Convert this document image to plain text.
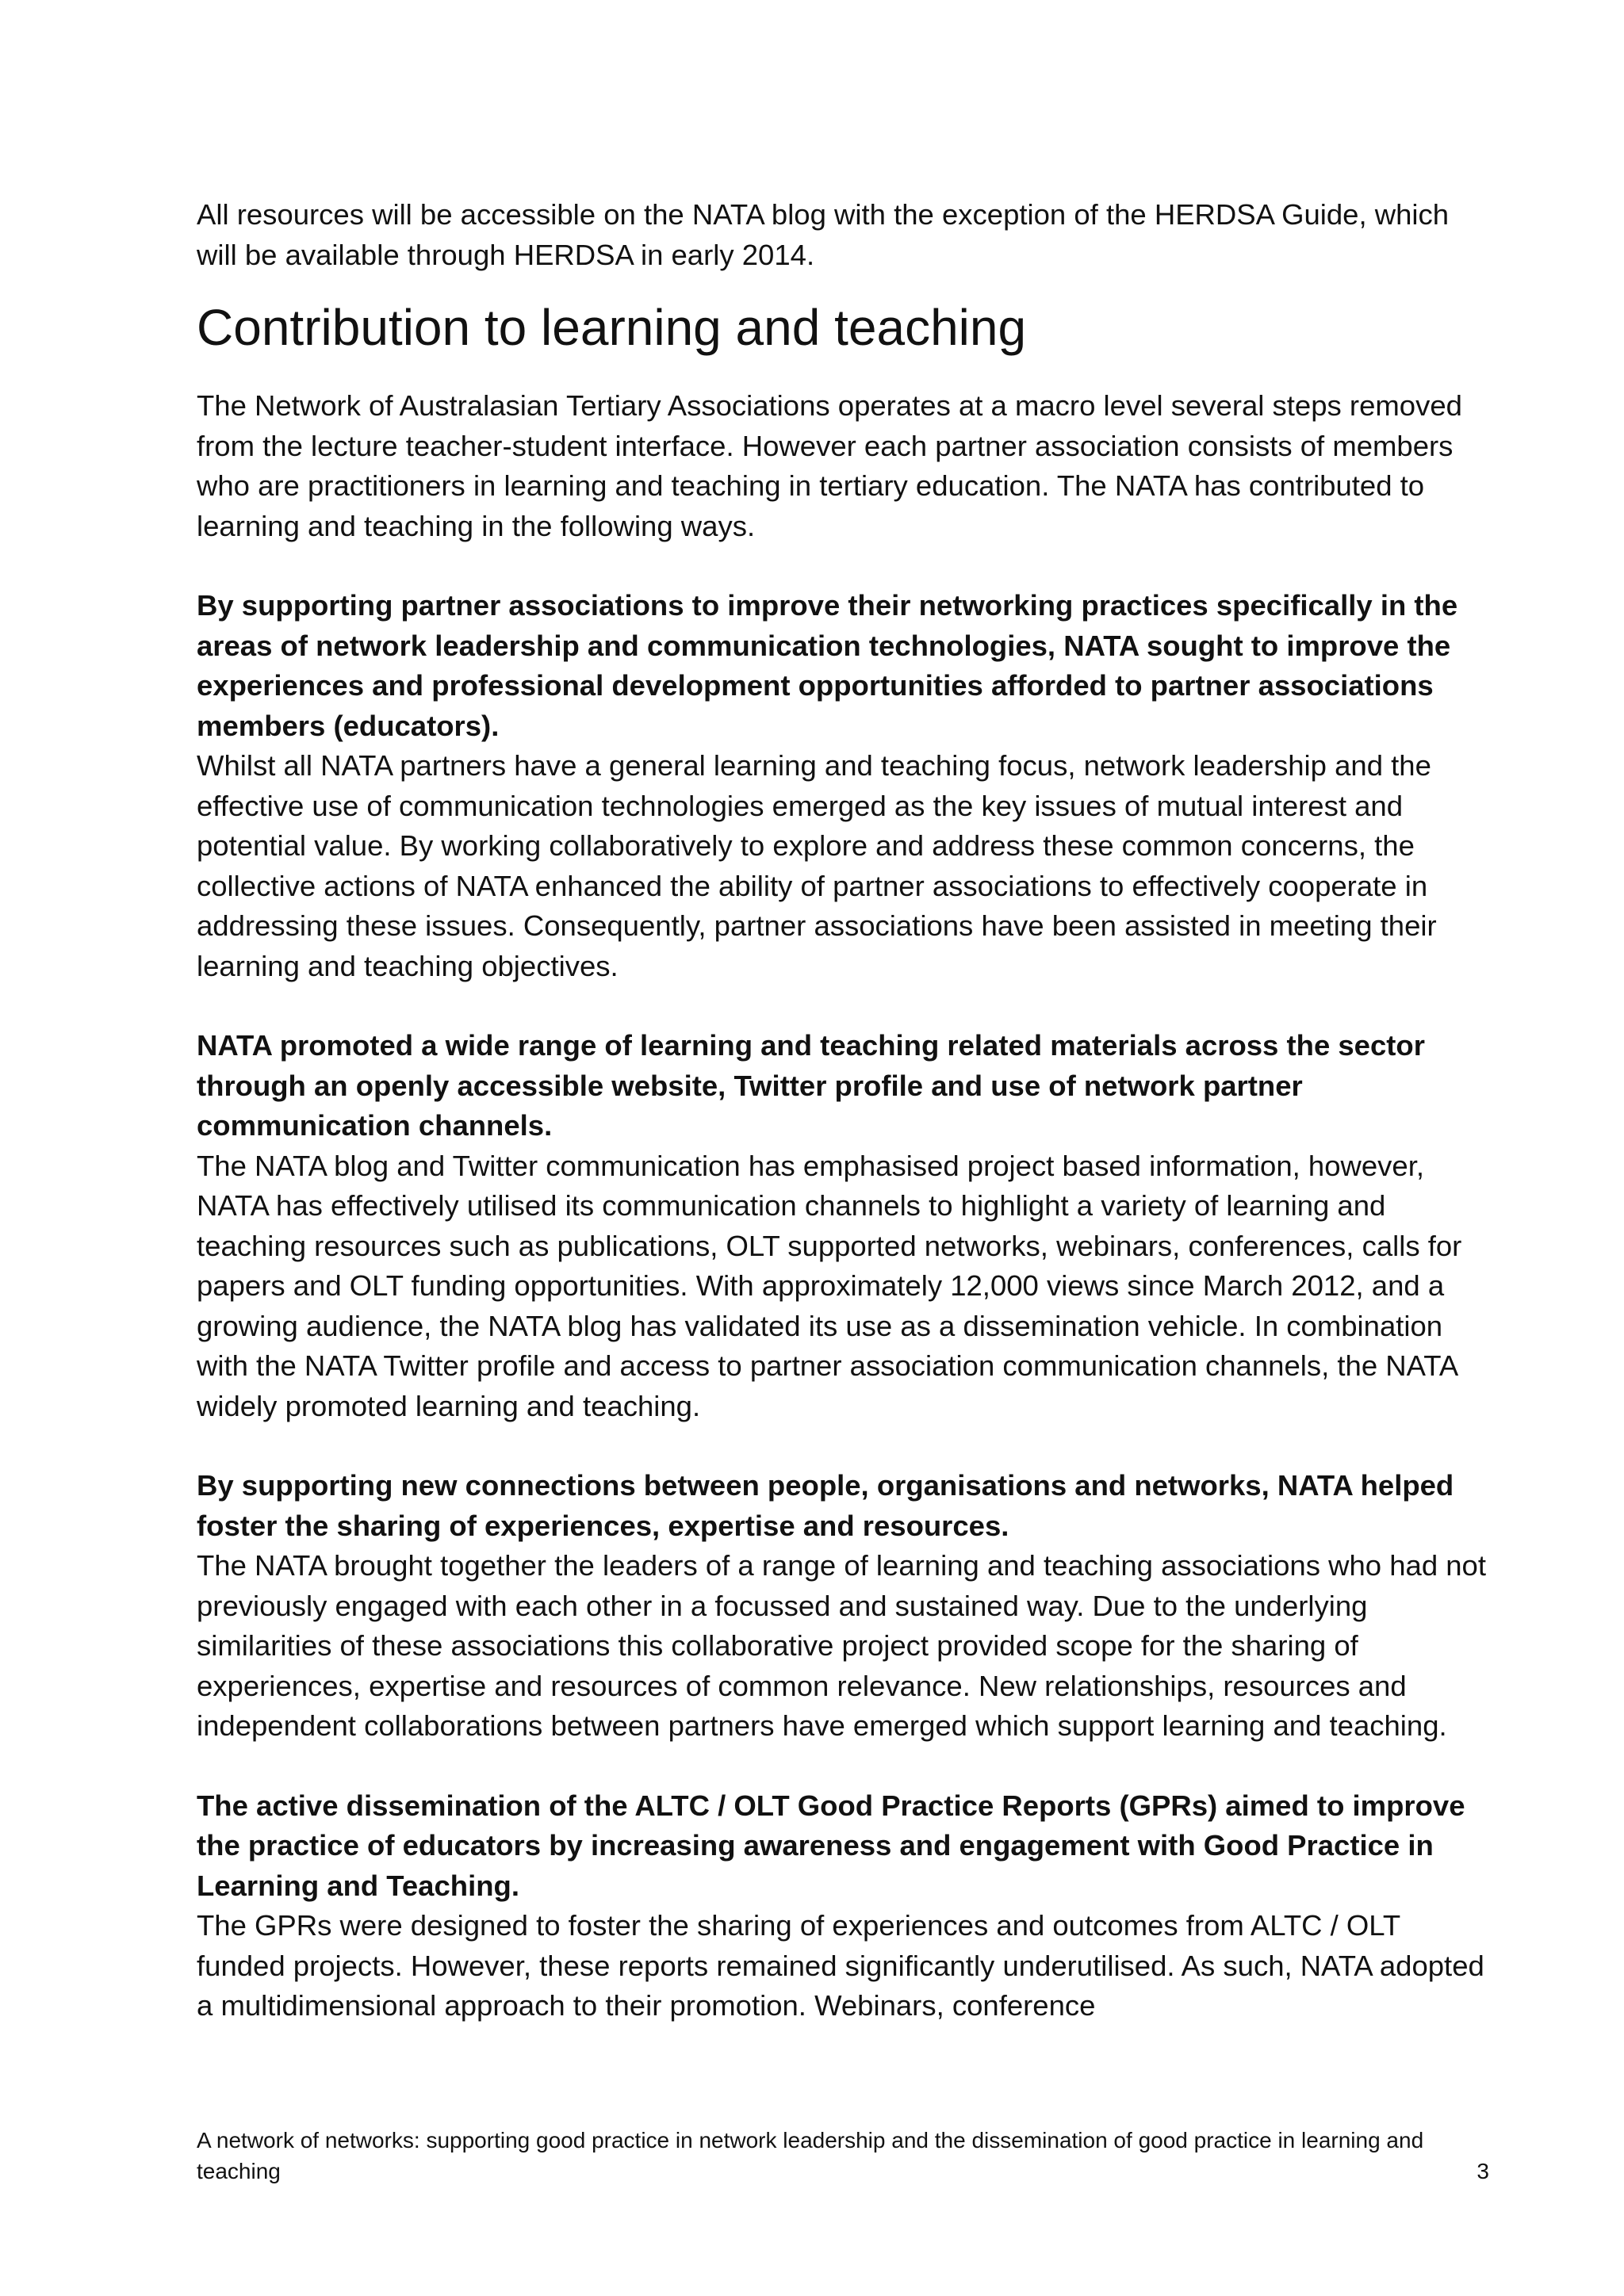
All resources will be accessible on the NATA blog with the exception of the HERDSA Guide, which will be available through HERDSA in early 2014.

Contribution to learning and teaching

The Network of Australasian Tertiary Associations operates at a macro level several steps removed from the lecture teacher-student interface. However each partner association consists of members who are practitioners in learning and teaching in tertiary education. The NATA has contributed to learning and teaching in the following ways.

By supporting partner associations to improve their networking practices specifically in the areas of network leadership and communication technologies, NATA sought to improve the experiences and professional development opportunities afforded to partner associations members (educators).

Whilst all NATA partners have a general learning and teaching focus, network leadership and the effective use of communication technologies emerged as the key issues of mutual interest and potential value. By working collaboratively to explore and address these common concerns, the collective actions of NATA enhanced the ability of partner associations to effectively cooperate in addressing these issues. Consequently, partner associations have been assisted in meeting their learning and teaching objectives.

NATA promoted a wide range of learning and teaching related materials across the sector through an openly accessible website, Twitter profile and use of network partner communication channels.

The NATA blog and Twitter communication has emphasised project based information, however, NATA has effectively utilised its communication channels to highlight a variety of learning and teaching resources such as publications, OLT supported networks, webinars, conferences, calls for papers and OLT funding opportunities. With approximately 12,000 views since March 2012, and a growing audience, the NATA blog has validated its use as a dissemination vehicle. In combination with the NATA Twitter profile and access to partner association communication channels, the NATA widely promoted learning and teaching.

By supporting new connections between people, organisations and networks, NATA helped foster the sharing of experiences, expertise and resources.

The NATA brought together the leaders of a range of learning and teaching associations who had not previously engaged with each other in a focussed and sustained way. Due to the underlying similarities of these associations this collaborative project provided scope for the sharing of experiences, expertise and resources of common relevance. New relationships, resources and independent collaborations between partners have emerged which support learning and teaching.

The active dissemination of the ALTC / OLT Good Practice Reports (GPRs) aimed to improve the practice of educators by increasing awareness and engagement with Good Practice in Learning and Teaching.

The GPRs were designed to foster the sharing of experiences and outcomes from ALTC / OLT funded projects. However, these reports remained significantly underutilised. As such, NATA adopted a multidimensional approach to their promotion. Webinars, conference

A network of networks: supporting good practice in network leadership and the dissemination of good practice in learning and teaching	3
